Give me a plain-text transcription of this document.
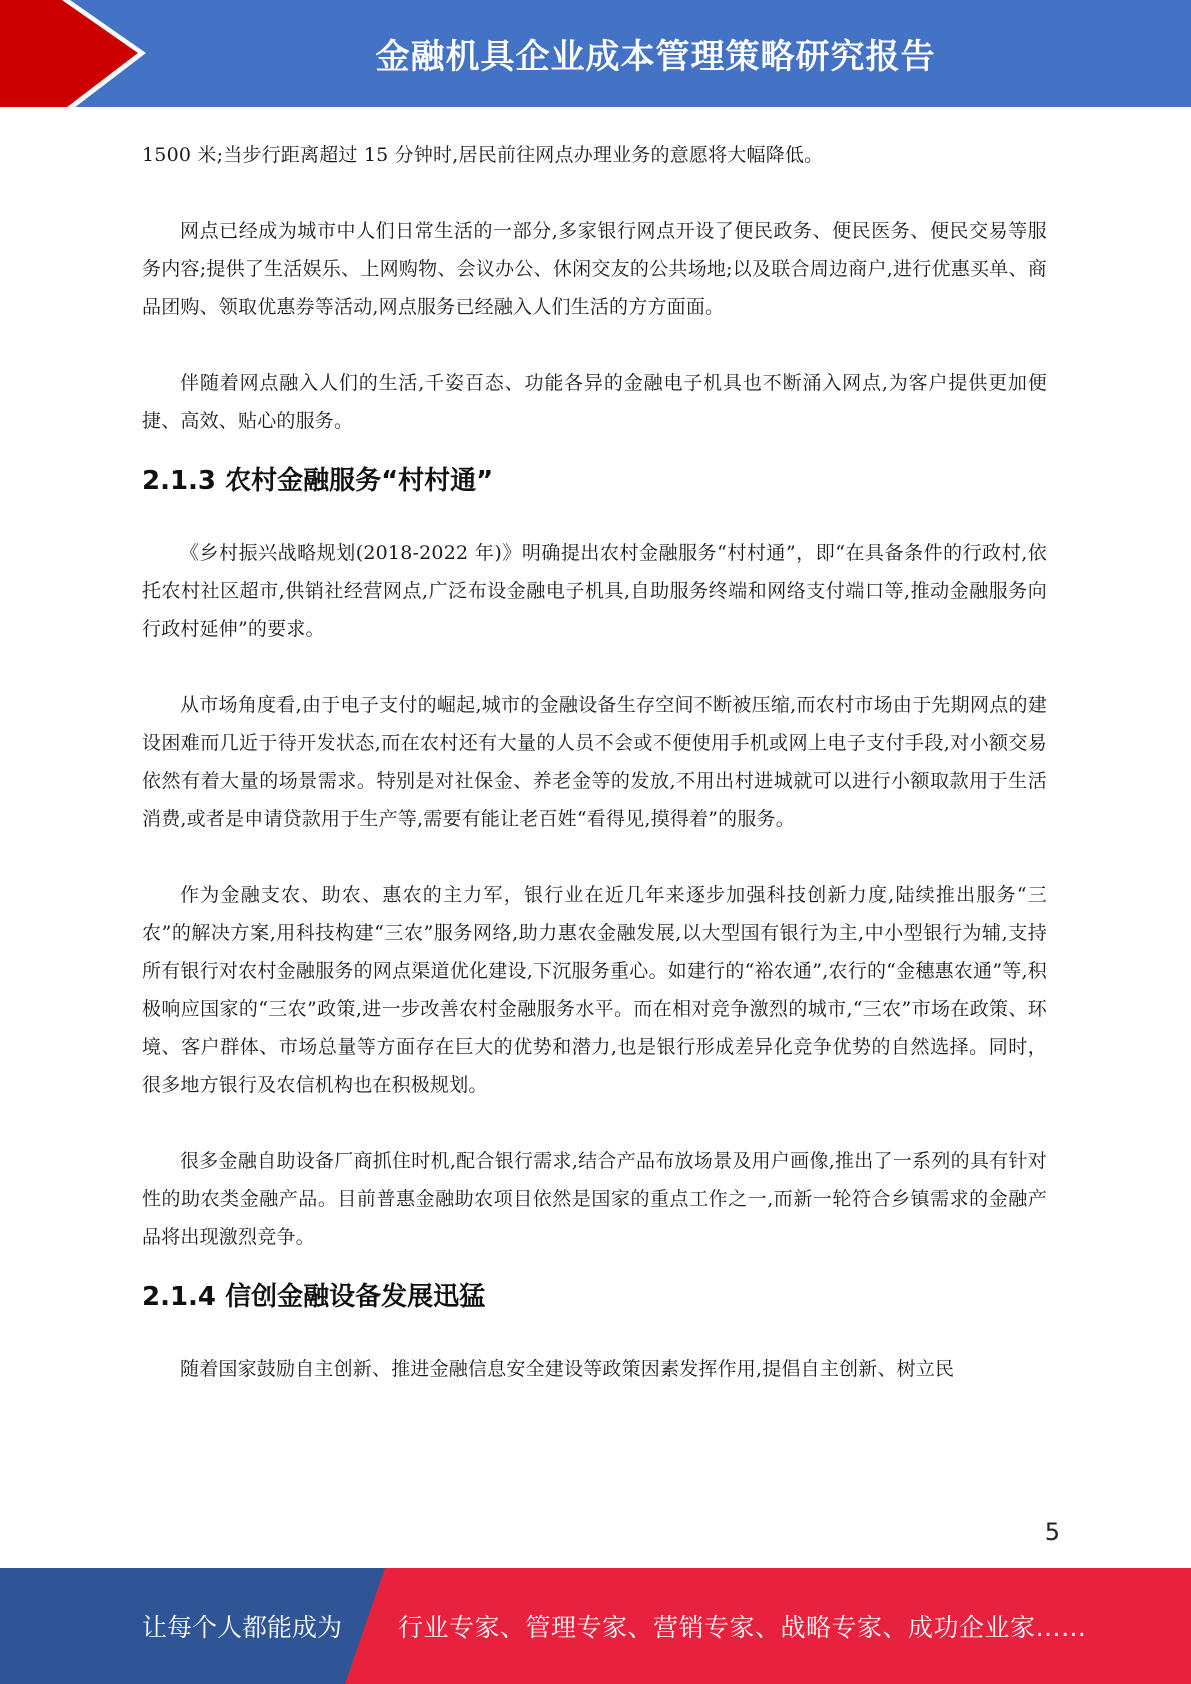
金融机具企业成本管理策略研究报告

1500 米;当步行距离超过 15 分钟时,居民前往网点办理业务的意愿将大幅降低。

网点已经成为城市中人们日常生活的一部分,多家银行网点开设了便民政务、便民医务、便民交易等服务内容;提供了生活娱乐、上网购物、会议办公、休闲交友的公共场地;以及联合周边商户,进行优惠买单、商品团购、领取优惠券等活动,网点服务已经融入人们生活的方方面面。

伴随着网点融入人们的生活,千姿百态、功能各异的金融电子机具也不断涌入网点,为客户提供更加便捷、高效、贴心的服务。

2.1.3 农村金融服务“村村通”

《乡村振兴战略规划(2018-2022 年)》明确提出农村金融服务“村村通”，即“在具备条件的行政村,依托农村社区超市,供销社经营网点,广泛布设金融电子机具,自助服务终端和网络支付端口等,推动金融服务向行政村延伸”的要求。

从市场角度看,由于电子支付的崛起,城市的金融设备生存空间不断被压缩,而农村市场由于先期网点的建设困难而几近于待开发状态,而在农村还有大量的人员不会或不便使用手机或网上电子支付手段,对小额交易依然有着大量的场景需求。特别是对社保金、养老金等的发放,不用出村进城就可以进行小额取款用于生活消费,或者是申请贷款用于生产等,需要有能让老百姓“看得见,摸得着”的服务。

作为金融支农、助农、惠农的主力军，银行业在近几年来逐步加强科技创新力度,陆续推出服务“三农”的解决方案,用科技构建“三农”服务网络,助力惠农金融发展,以大型国有银行为主,中小型银行为辅,支持所有银行对农村金融服务的网点渠道优化建设,下沉服务重心。如建行的“裕农通”,农行的“金穗惠农通”等,积极响应国家的“三农”政策,进一步改善农村金融服务水平。而在相对竞争激烈的城市,“三农”市场在政策、环境、客户群体、市场总量等方面存在巨大的优势和潜力,也是银行形成差异化竞争优势的自然选择。同时，很多地方银行及农信机构也在积极规划。

很多金融自助设备厂商抓住时机,配合银行需求,结合产品布放场景及用户画像,推出了一系列的具有针对性的助农类金融产品。目前普惠金融助农项目依然是国家的重点工作之一,而新一轮符合乡镇需求的金融产品将出现激烈竞争。

2.1.4 信创金融设备发展迅猛

随着国家鼓励自主创新、推进金融信息安全建设等政策因素发挥作用,提倡自主创新、树立民

5
让每个人都能成为 行业专家、管理专家、营销专家、战略专家、成功企业家……
